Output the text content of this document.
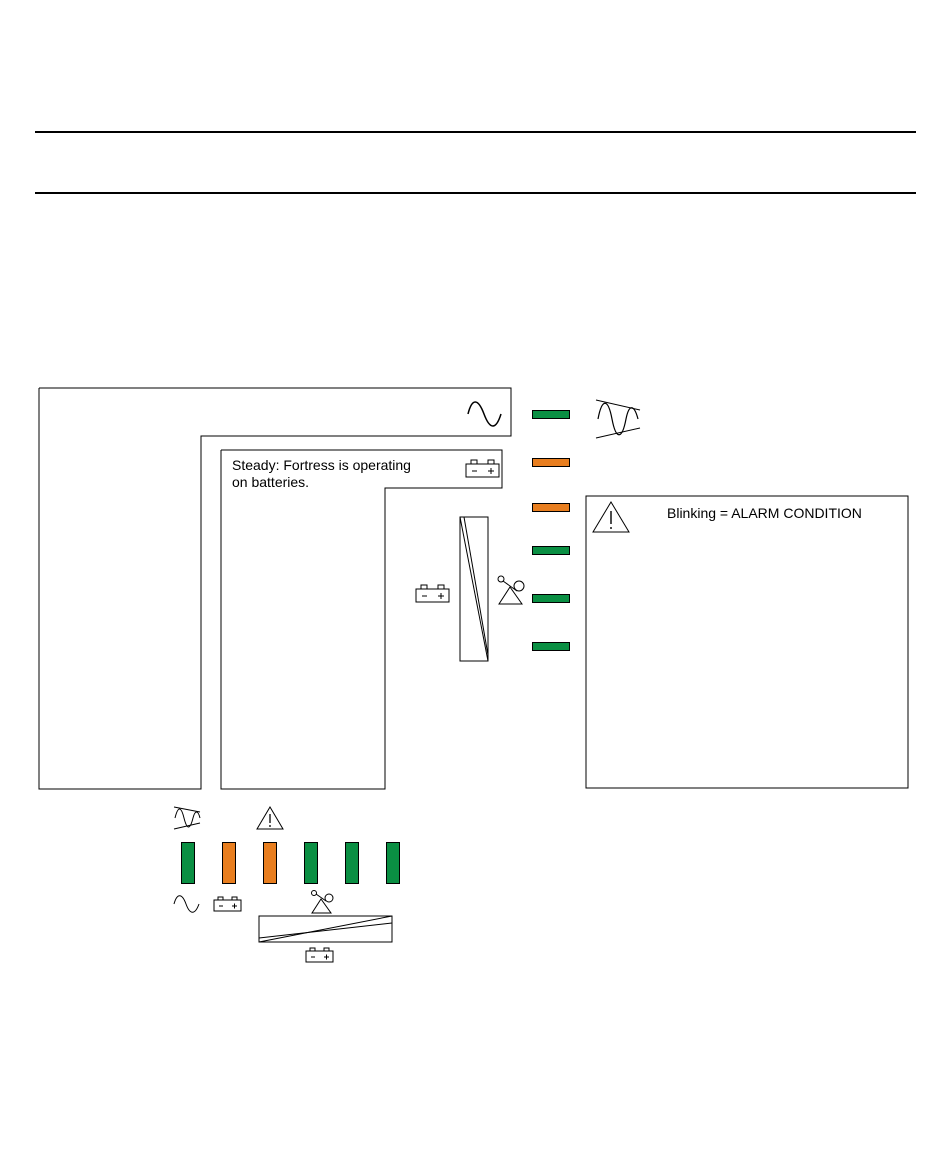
Steady: Fortress is operating
on batteries.
Blinking = ALARM CONDITION
